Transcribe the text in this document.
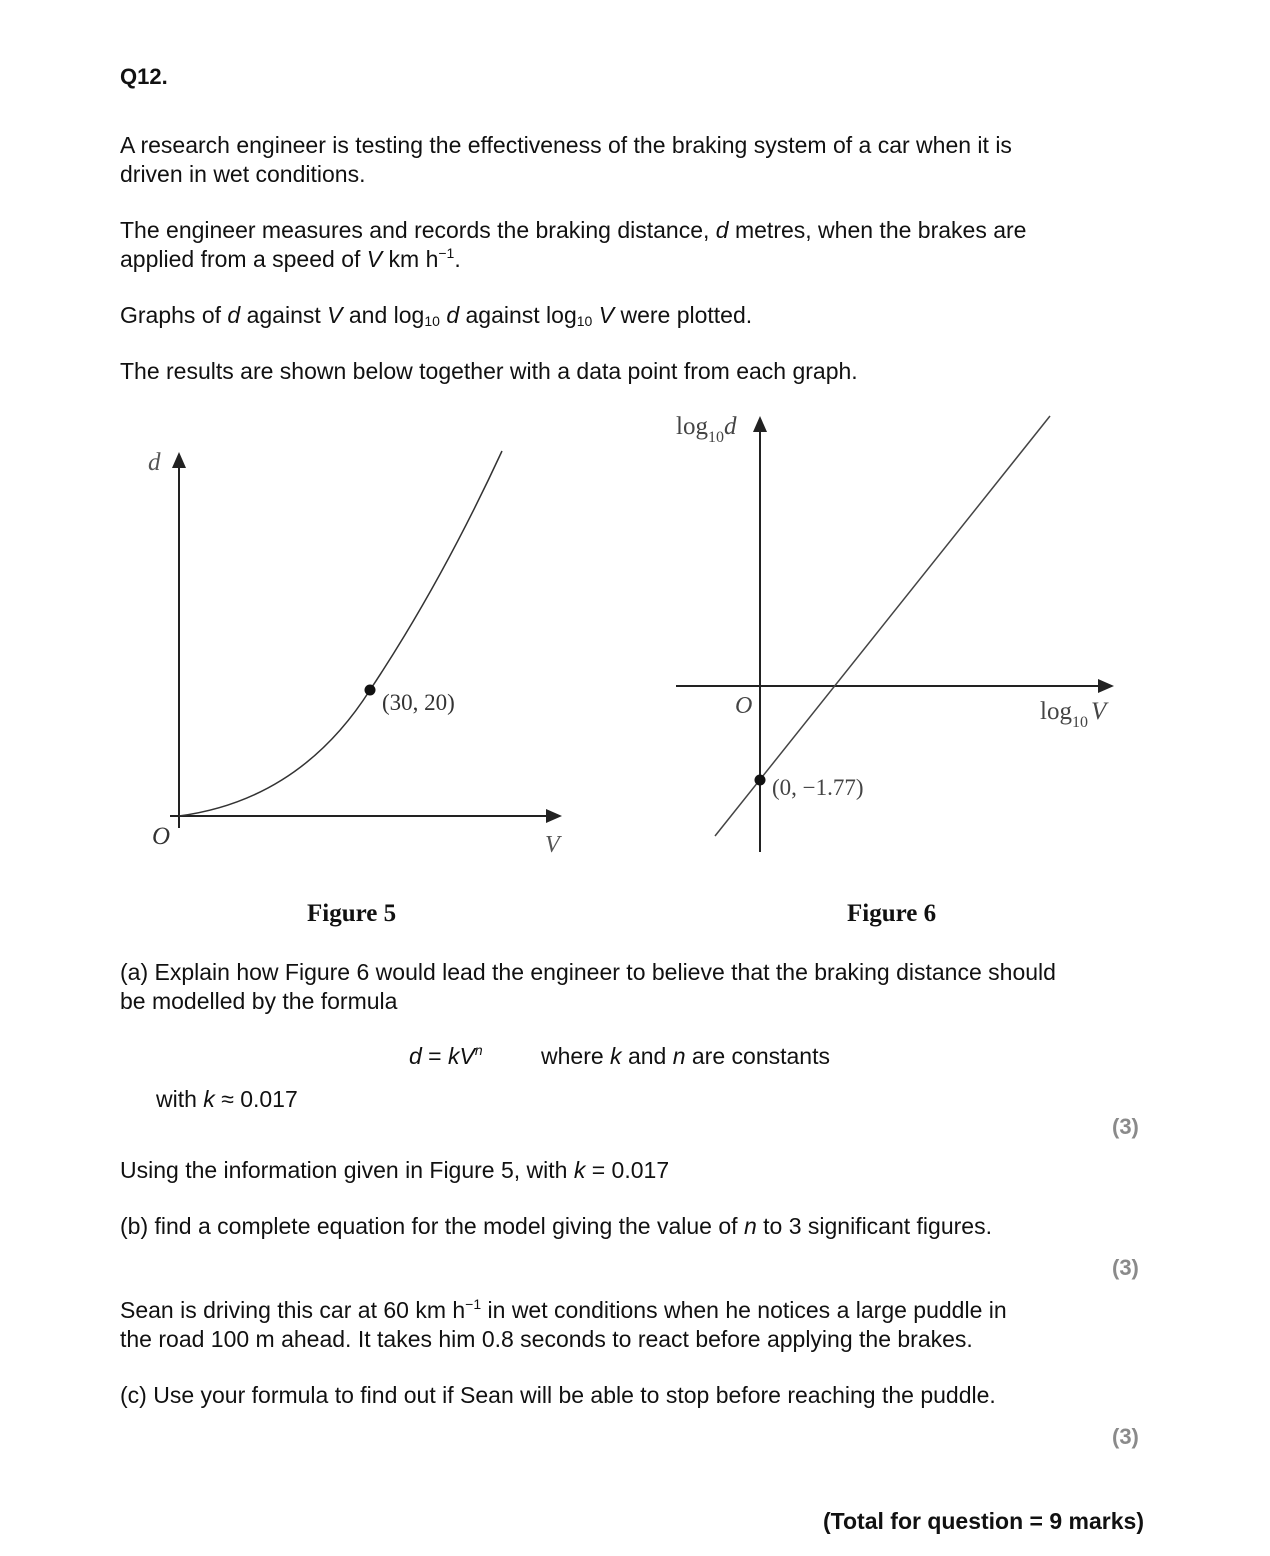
Q12.

A research engineer is testing the effectiveness of the braking system of a car when it is

driven in wet conditions.

The engineer measures and records the braking distance, d metres, when the brakes are

applied from a speed of V km $h^{-1}$.

Graphs of d against V and $\log_{10} d$ against $\log_{10} V$ were plotted.

The results are shown below together with a data point from each graph.

d
O	V
(30, 20)
$\log_{10}d$
O	$\log_{10} V$
(0, −1.77)
Figure 5	Figure 6

(a) Explain how Figure 6 would lead the engineer to believe that the braking distance should

be modelled by the formula

$d = kV^n$	where k and n are constants

with k ≈ 0.017

(3)

Using the information given in Figure 5, with k = 0.017

(b) find a complete equation for the model giving the value of n to 3 significant figures.

(3)

Sean is driving this car at 60 km $h^{-1}$ in wet conditions when he notices a large puddle in

the road 100 m ahead. It takes him 0.8 seconds to react before applying the brakes.

(c) Use your formula to find out if Sean will be able to stop before reaching the puddle.

(3)
(Total for question = 9 marks)
